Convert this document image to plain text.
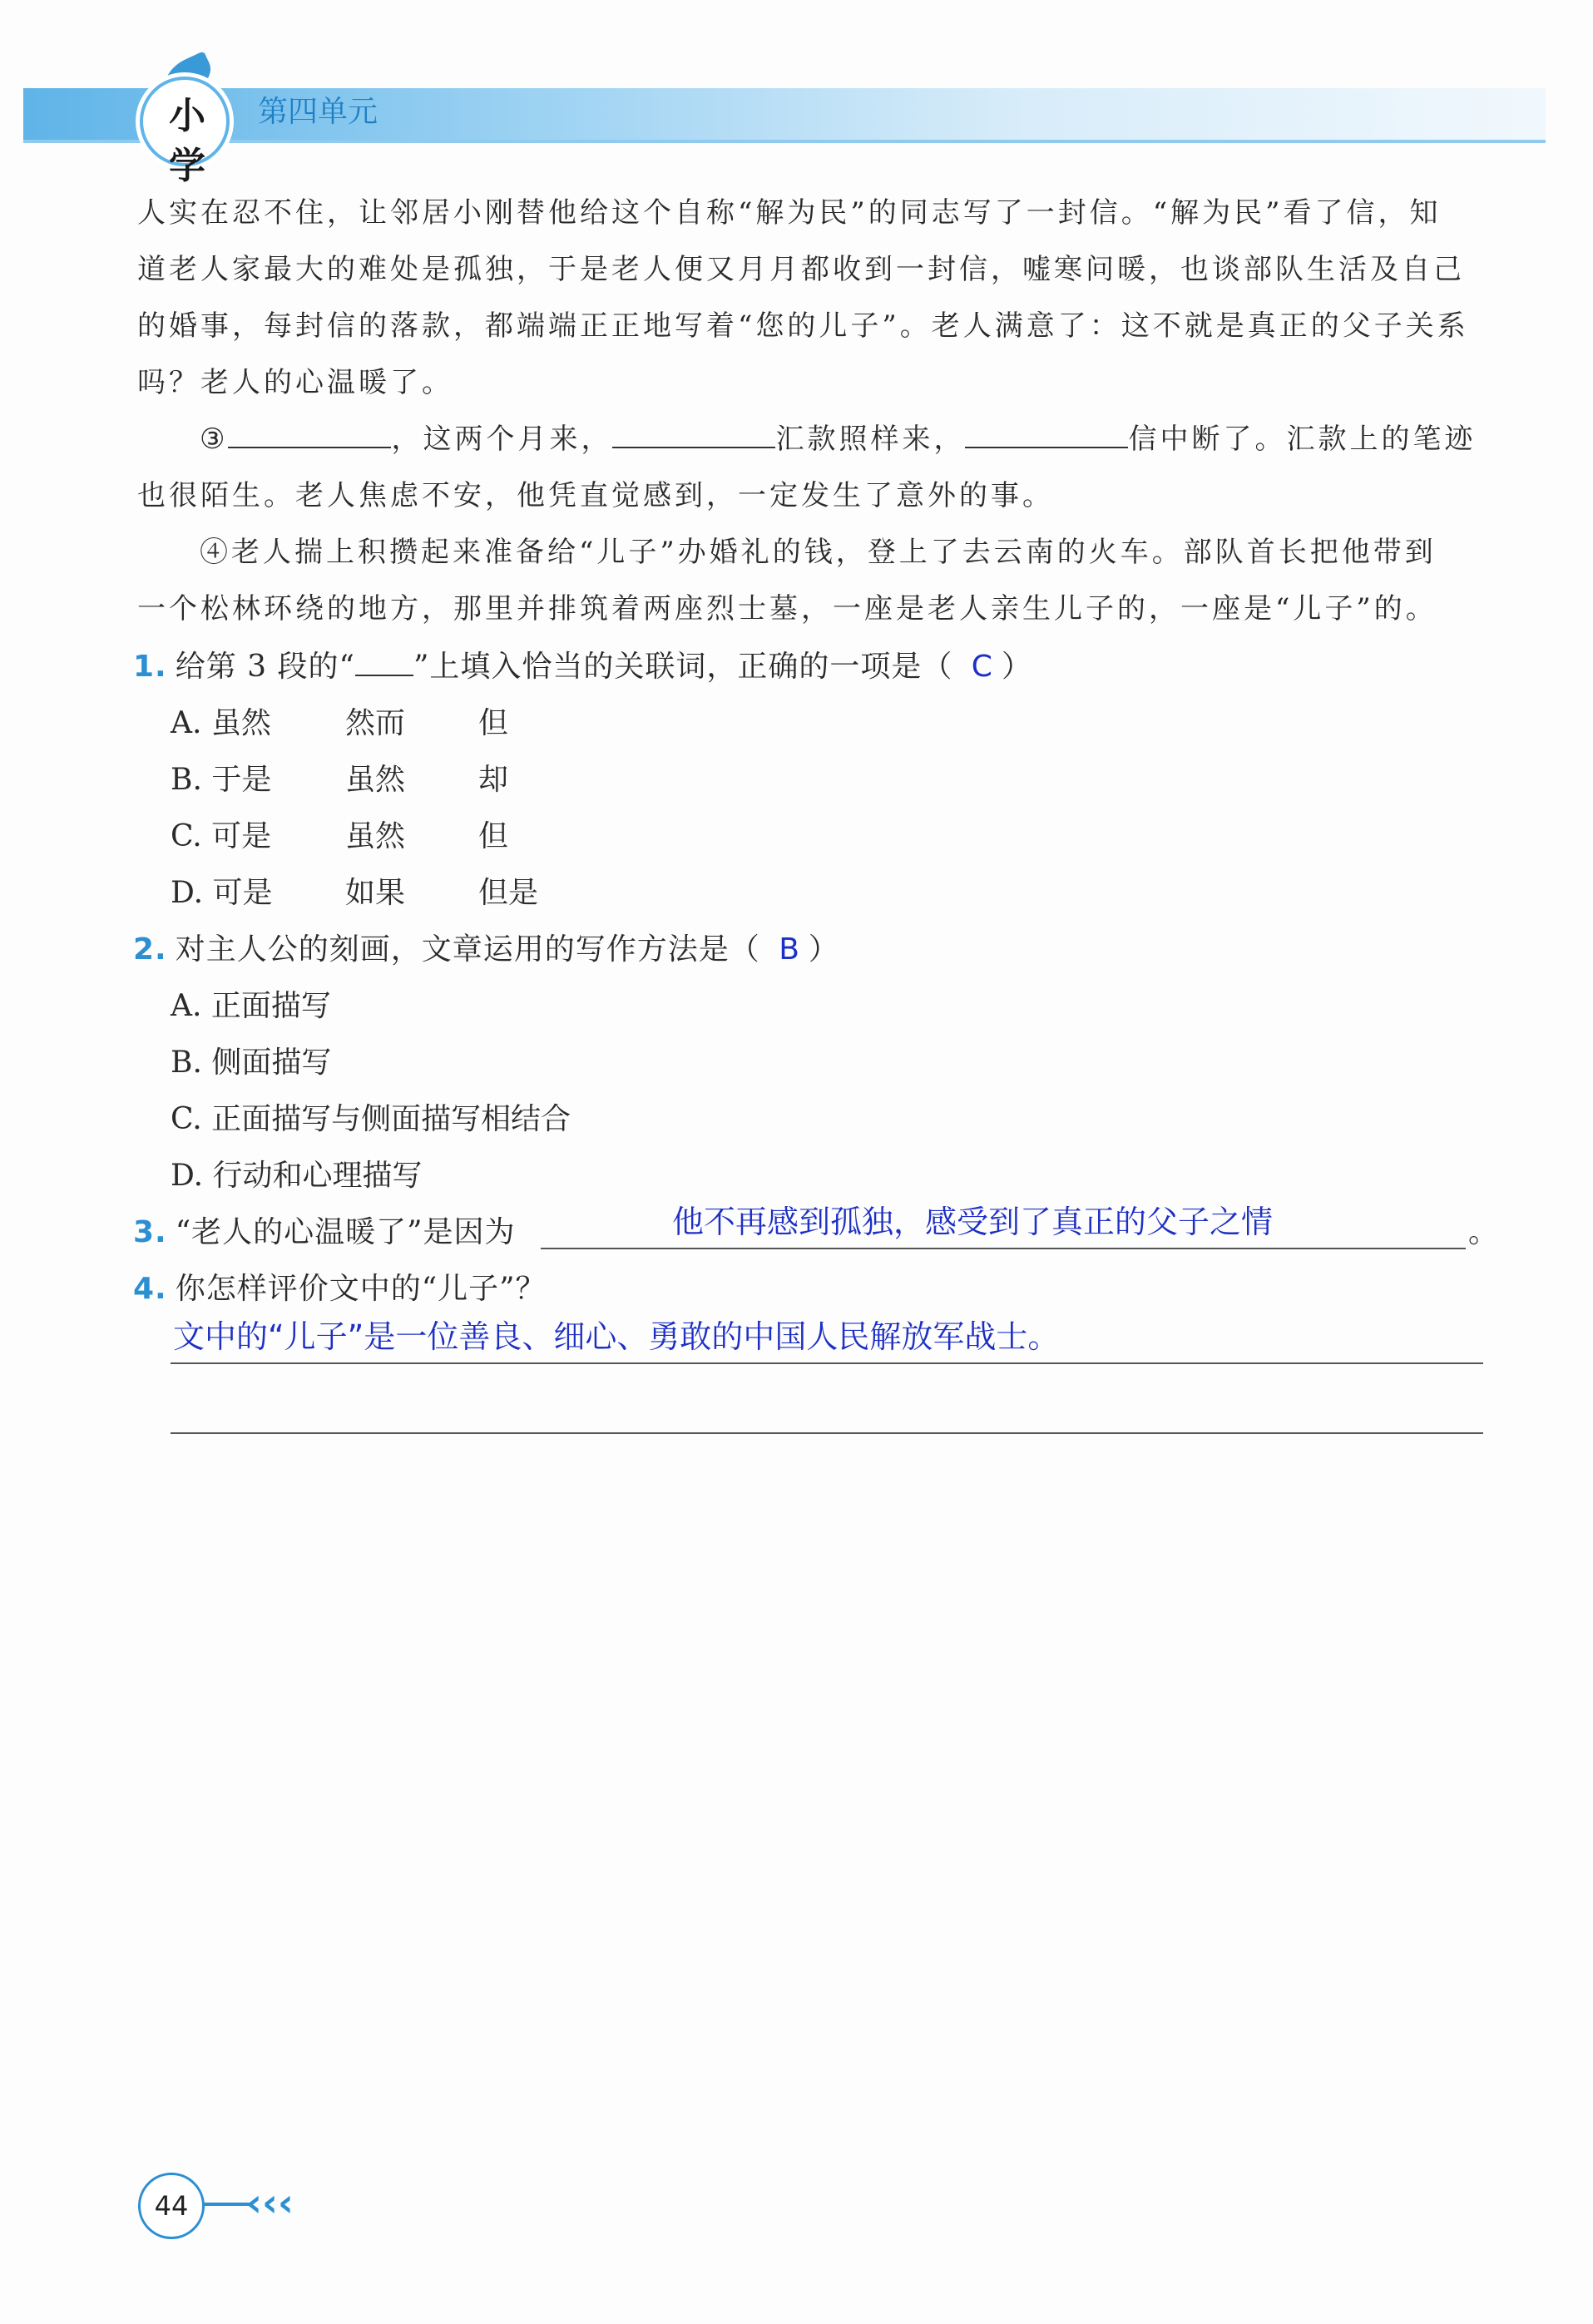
小学
第四单元

人实在忍不住，让邻居小刚替他给这个自称“解为民”的同志写了一封信。“解为民”看了信，知

道老人家最大的难处是孤独，于是老人便又月月都收到一封信，嘘寒问暖，也谈部队生活及自己

的婚事，每封信的落款，都端端正正地写着“您的儿子”。老人满意了：这不就是真正的父子关系

吗？老人的心温暖了。

③	，这两个月来，	汇款照样来，	信中断了。汇款上的笔迹

也很陌生。老人焦虑不安，他凭直觉感到，一定发生了意外的事。

④老人揣上积攒起来准备给“儿子”办婚礼的钱，登上了去云南的火车。部队首长把他带到

一个松林环绕的地方，那里并排筑着两座烈士墓，一座是老人亲生儿子的，一座是“儿子”的。

1. 给第 3 段的“ ”上填入恰当的关联词，正确的一项是（ C ）
A. 虽然 然而 但
B. 于是 虽然 却
C. 可是 虽然 但
D. 可是 如果 但是
2. 对主人公的刻画，文章运用的写作方法是（ B ）
A. 正面描写
B. 侧面描写
C. 正面描写与侧面描写相结合
D. 行动和心理描写
3. “老人的心温暖了”是因为	他不再感到孤独，感受到了真正的父子之情	。
4. 你怎样评价文中的“儿子”？
文中的“儿子”是一位善良、细心、勇敢的中国人民解放军战士。
44	‹‹‹
